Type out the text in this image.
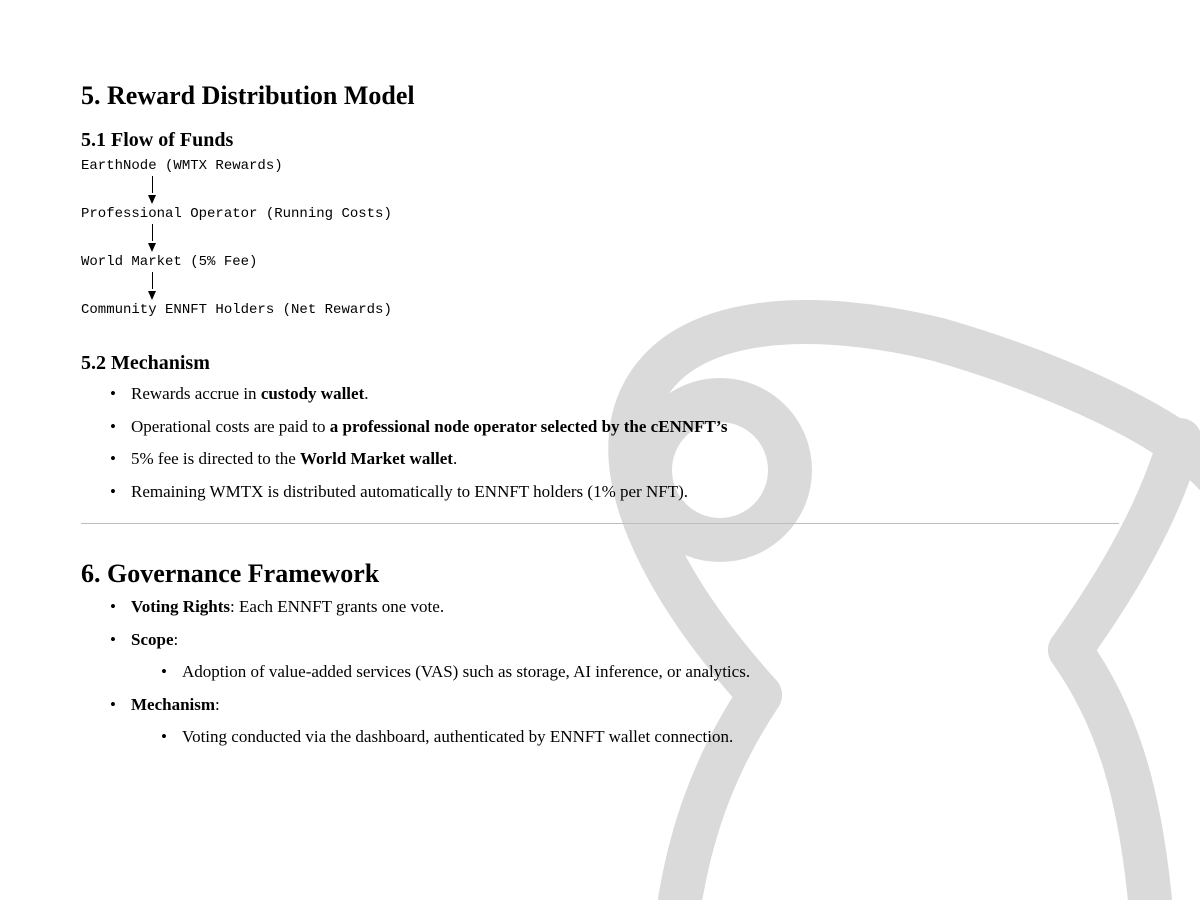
5. Reward Distribution Model
5.1 Flow of Funds
EarthNode (WMTX Rewards)
Professional Operator (Running Costs)
World Market (5% Fee)
Community ENNFT Holders (Net Rewards)
5.2 Mechanism
• Rewards accrue in custody wallet.
• Operational costs are paid to a professional node operator selected by the cENNFT’s
• 5% fee is directed to the World Market wallet.
• Remaining WMTX is distributed automatically to ENNFT holders (1% per NFT).
6. Governance Framework
• Voting Rights: Each ENNFT grants one vote.
• Scope:
• Adoption of value-added services (VAS) such as storage, AI inference, or analytics.
• Mechanism:
• Voting conducted via the dashboard, authenticated by ENNFT wallet connection.
